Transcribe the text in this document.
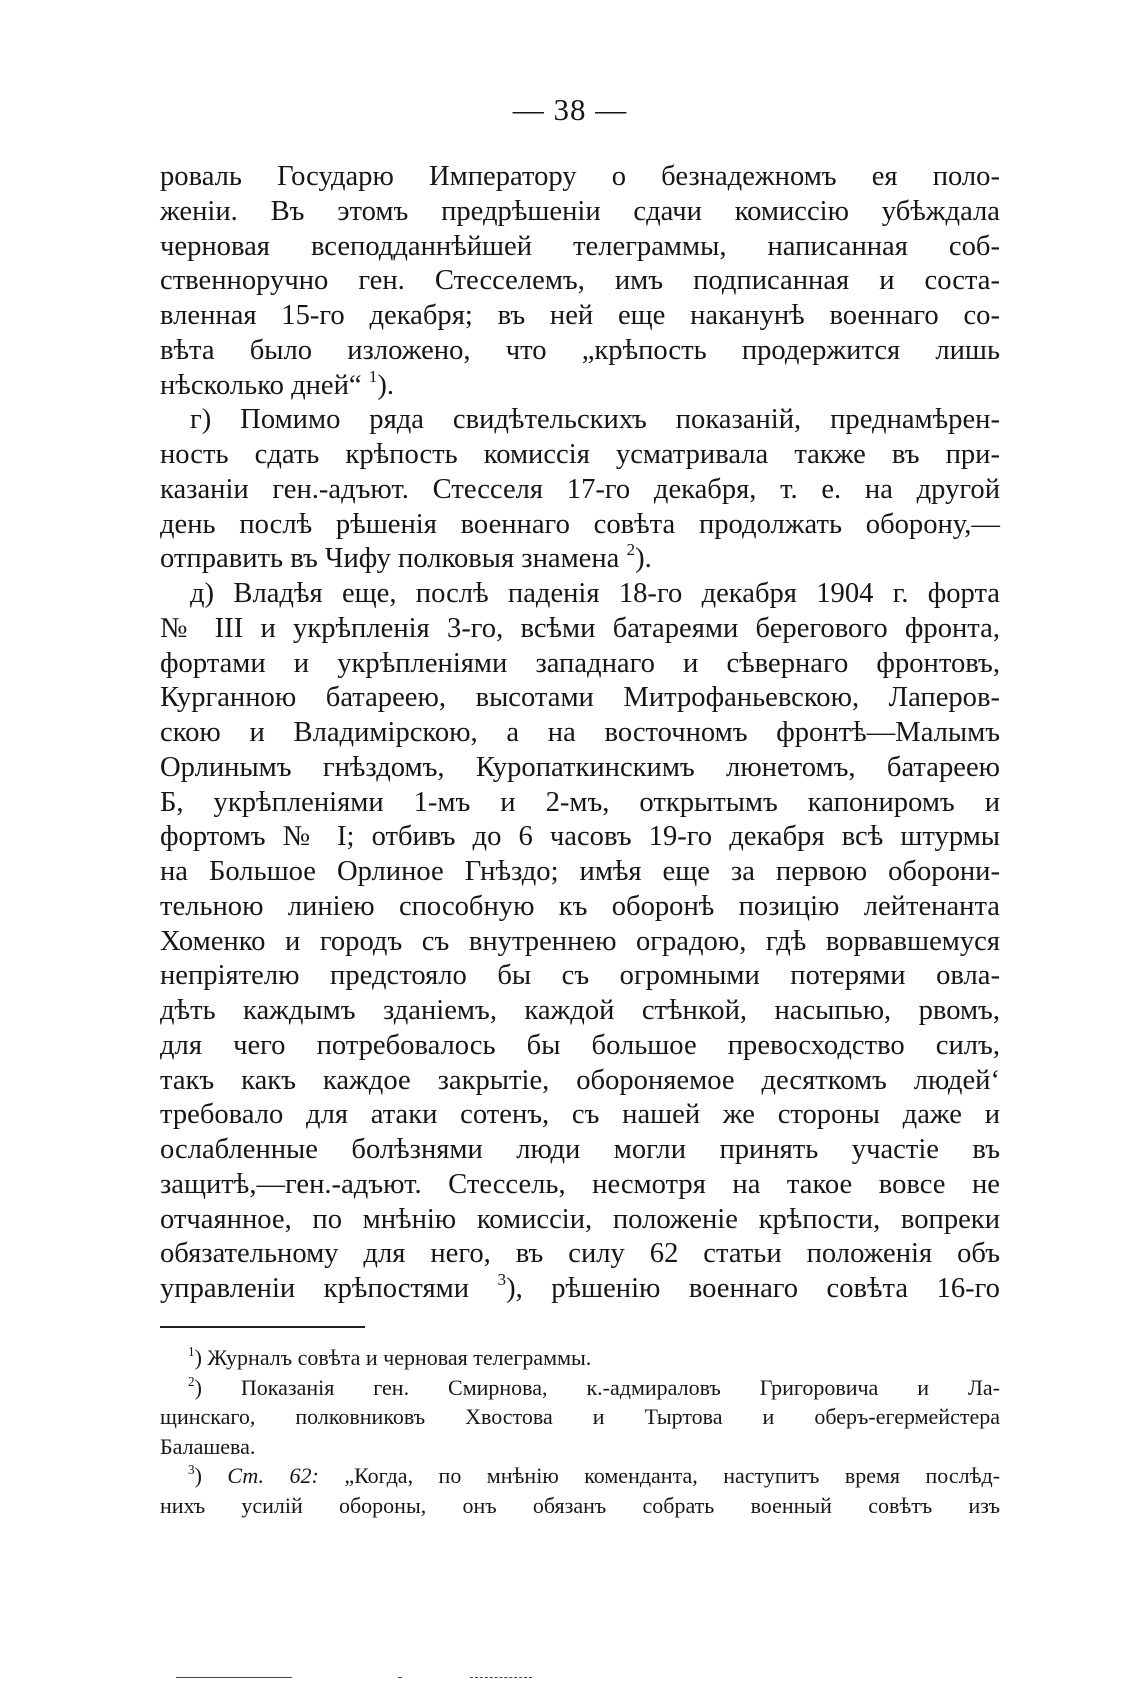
— 38 —
роваль Государю Императору о безнадежномъ ея поло-
женіи. Въ этомъ предрѣшеніи сдачи комиссію убѣждала
черновая всеподданнѣйшей телеграммы, написанная соб-
ственноручно ген. Стесселемъ, имъ подписанная и соста-
вленная 15-го декабря; въ ней еще наканунѣ военнаго со-
вѣта было изложено, что „крѣпость продержится лишь
нѣсколько дней“ $^1$).
г) Помимо ряда свидѣтельскихъ показаній, преднамѣрен-
ность сдать крѣпость комиссія усматривала также въ при-
казаніи ген.-адъют. Стесселя 17-го декабря, т. е. на другой
день послѣ рѣшенія военнаго совѣта продолжать оборону,—
отправить въ Чифу полковыя знамена $^2$).
д) Владѣя еще, послѣ паденія 18-го декабря 1904 г. форта
№ III и укрѣпленія 3-го, всѣми батареями берегового фронта,
фортами и укрѣпленіями западнаго и сѣвернаго фронтовъ,
Курганною батареею, высотами Митрофаньевскою, Лаперов-
скою и Владимірскою, а на восточномъ фронтѣ—Малымъ
Орлинымъ гнѣздомъ, Куропаткинскимъ люнетомъ, батареею
Б, укрѣпленіями 1-мъ и 2-мъ, открытымъ капониромъ и
фортомъ № I; отбивъ до 6 часовъ 19-го декабря всѣ штурмы
на Большое Орлиное Гнѣздо; имѣя еще за первою оборони-
тельною линіею способную къ оборонѣ позицію лейтенанта
Хоменко и городъ съ внутреннею оградою, гдѣ ворвавшемуся
непріятелю предстояло бы съ огромными потерями овла-
дѣть каждымъ зданіемъ, каждой стѣнкой, насыпью, рвомъ,
для чего потребовалось бы большое превосходство силъ,
такъ какъ каждое закрытіе, обороняемое десяткомъ людей‘
требовало для атаки сотенъ, съ нашей же стороны даже и
ослабленные болѣзнями люди могли принять участіе въ
защитѣ,—ген.-адъют. Стессель, несмотря на такое вовсе не
отчаянное, по мнѣнію комиссіи, положеніе крѣпости, вопреки
обязательному для него, въ силу 62 статьи положенія объ
управленіи крѣпостями $^3$), рѣшенію военнаго совѣта 16-го
$^1$) Журналъ совѣта и черновая телеграммы.
$^2$) Показанія ген. Смирнова, к.-адмираловъ Григоровича и Ла-
щинскаго, полковниковъ Хвостова и Тыртова и оберъ-егермейстера
Балашева.
$^3$) Ст. 62: „Когда, по мнѣнію коменданта, наступитъ время послѣд-
нихъ усилій обороны, онъ обязанъ собрать военный совѣтъ изъ
